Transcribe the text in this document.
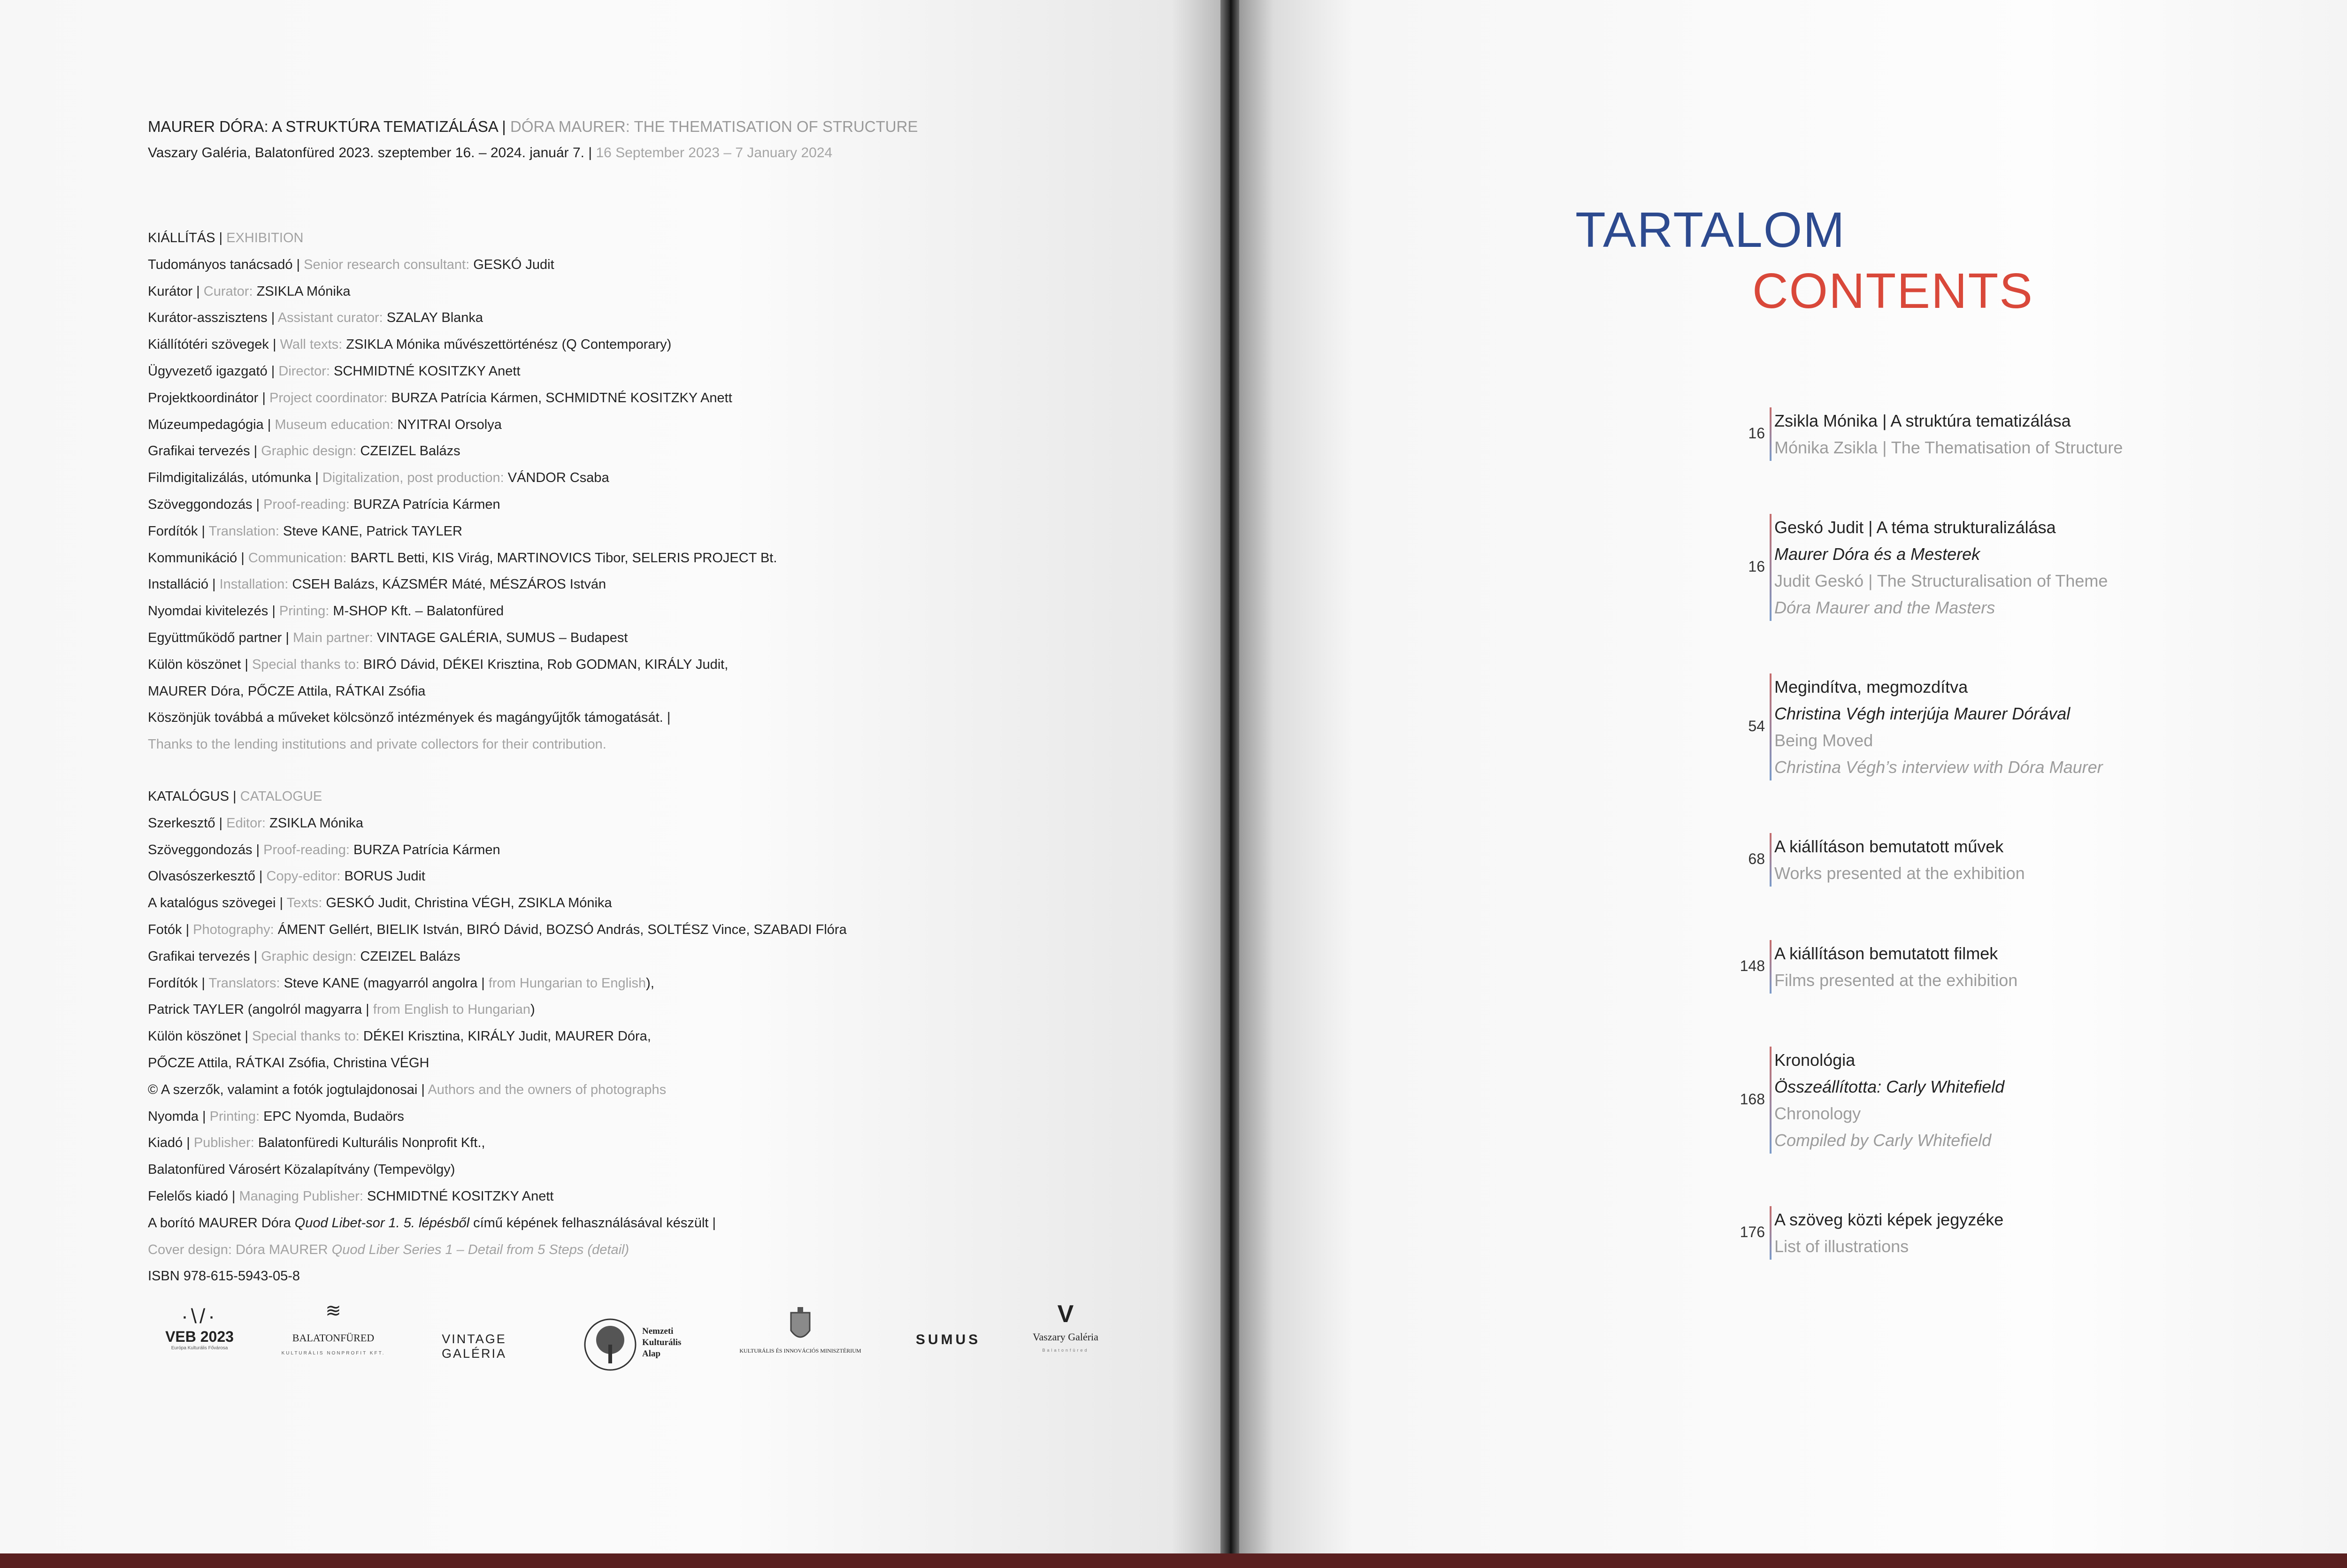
MAURER DÓRA: A STRUKTÚRA TEMATIZÁLÁSA | DÓRA MAURER: THE THEMATISATION OF STRUCTURE
Vaszary Galéria, Balatonfüred 2023. szeptember 16. – 2024. január 7. | 16 September 2023 – 7 January 2024
KIÁLLÍTÁS | EXHIBITION
Tudományos tanácsadó | Senior research consultant: GESKÓ Judit
Kurátor | Curator: ZSIKLA Mónika
Kurátor-asszisztens | Assistant curator: SZALAY Blanka
Kiállítótéri szövegek | Wall texts: ZSIKLA Mónika művészettörténész (Q Contemporary)
Ügyvezető igazgató | Director: SCHMIDTNÉ KOSITZKY Anett
Projektkoordinátor | Project coordinator: BURZA Patrícia Kármen, SCHMIDTNÉ KOSITZKY Anett
Múzeumpedagógia | Museum education: NYITRAI Orsolya
Grafikai tervezés | Graphic design: CZEIZEL Balázs
Filmdigitalizálás, utómunka | Digitalization, post production: VÁNDOR Csaba
Szöveggondozás | Proof-reading: BURZA Patrícia Kármen
Fordítók | Translation: Steve KANE, Patrick TAYLER
Kommunikáció | Communication: BARTL Betti, KIS Virág, MARTINOVICS Tibor, SELERIS PROJECT Bt.
Installáció | Installation: CSEH Balázs, KÁZSMÉR Máté, MÉSZÁROS István
Nyomdai kivitelezés | Printing: M-SHOP Kft. – Balatonfüred
Együttműködő partner | Main partner: VINTAGE GALÉRIA, SUMUS – Budapest
Külön köszönet | Special thanks to: BIRÓ Dávid, DÉKEI Krisztina, Rob GODMAN, KIRÁLY Judit,
MAURER Dóra, PŐCZE Attila, RÁTKAI Zsófia
Köszönjük továbbá a műveket kölcsönző intézmények és magángyűjtők támogatását. |
Thanks to the lending institutions and private collectors for their contribution.
KATALÓGUS | CATALOGUE
Szerkesztő | Editor: ZSIKLA Mónika
Szöveggondozás | Proof-reading: BURZA Patrícia Kármen
Olvasószerkesztő | Copy-editor: BORUS Judit
A katalógus szövegei | Texts: GESKÓ Judit, Christina VÉGH, ZSIKLA Mónika
Fotók | Photography: ÁMENT Gellért, BIELIK István, BIRÓ Dávid, BOZSÓ András, SOLTÉSZ Vince, SZABADI Flóra
Grafikai tervezés | Graphic design: CZEIZEL Balázs
Fordítók | Translators: Steve KANE (magyarról angolra | from Hungarian to English),
Patrick TAYLER (angolról magyarra | from English to Hungarian)
Külön köszönet | Special thanks to: DÉKEI Krisztina, KIRÁLY Judit, MAURER Dóra,
PŐCZE Attila, RÁTKAI Zsófia, Christina VÉGH
© A szerzők, valamint a fotók jogtulajdonosai | Authors and the owners of photographs
Nyomda | Printing: EPC Nyomda, Budaörs
Kiadó | Publisher: Balatonfüredi Kulturális Nonprofit Kft.,
Balatonfüred Városért Közalapítvány (Tempevölgy)
Felelős kiadó | Managing Publisher: SCHMIDTNÉ KOSITZKY Anett
A borító MAURER Dóra Quod Libet-sor 1. 5. lépésből című képének felhasználásával készült |
Cover design: Dóra MAURER Quod Liber Series 1 – Detail from 5 Steps (detail)
ISBN 978-615-5943-05-8
·\/·
VEB 2023
Európa Kulturális Fővárosa
≋
BALATONFÜRED
KULTURÁLIS NONPROFIT KFT.
VINTAGE GALÉRIA
Nemzeti Kulturális Alap	KULTURÁLIS ÉS INNOVÁCIÓS MINISZTÉRIUM
SUMUS
V
Vaszary Galéria
Balatonfüred
TARTALOM
CONTENTS
16
Zsikla Mónika | A struktúra tematizálása
Mónika Zsikla | The Thematisation of Structure
16
Geskó Judit | A téma strukturalizálása
Maurer Dóra és a Mesterek
Judit Geskó | The Structuralisation of Theme
Dóra Maurer and the Masters
54
Megindítva, megmozdítva
Christina Végh interjúja Maurer Dórával
Being Moved
Christina Végh’s interview with Dóra Maurer
68
A kiállításon bemutatott művek
Works presented at the exhibition
148
A kiállításon bemutatott filmek
Films presented at the exhibition
168
Kronológia
Összeállította: Carly Whitefield
Chronology
Compiled by Carly Whitefield
176
A szöveg közti képek jegyzéke
List of illustrations
